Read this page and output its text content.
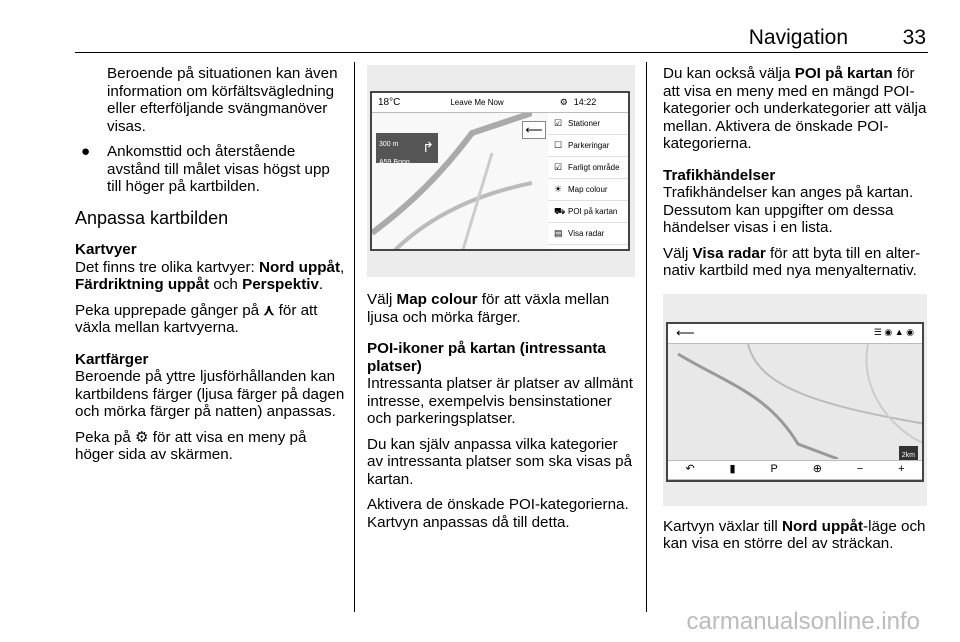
Navigation	33

Beroende på situationen kan även information om körfältsvägledning eller efterföljande svängmanöver visas.

● Ankomsttid och återstående avstånd till målet visas högst upp till höger på kartbilden.

Anpassa kartbilden
Kartvyer

Det finns tre olika kartvyer: Nord uppåt, Färdriktning uppåt och Perspektiv.

Peka upprepade gånger på ⋏ för att växla mellan kartvyerna.

Kartfärger

Beroende på yttre ljusförhållanden kan kartbildens färger (ljusa färger på dagen och mörka färger på natten) anpassas.

Peka på ⚙ för att visa en meny på höger sida av skärmen.

18°C	Leave Me Now	⚙ 14:22
300 m
A59 Bonn
↱
⟵
☑ Stationer
☐ Parkeringar
☑ Farligt område
☀ Map colour
⛟ POI på kartan
▤ Visa radar

Välj Map colour för att växla mellan ljusa och mörka färger.

POI-ikoner på kartan (intressanta platser)

Intressanta platser är platser av allmänt intresse, exempelvis bensinstationer och parkeringsplatser.

Du kan själv anpassa vilka kategorier av intressanta platser som ska visas på kartan.

Aktivera de önskade POI-kategorierna. Kartvyn anpassas då till detta.

Du kan också välja POI på kartan för att visa en meny med en mängd POI-kategorier och underkategorier att välja mellan. Aktivera de önskade POI-kategorierna.

Trafikhändelser

Trafikhändelser kan anges på kartan. Dessutom kan uppgifter om dessa händelser visas i en lista.

Välj Visa radar för att byta till en alternativ kartbild med nya menyalternativ.

⟵	☰ ◉ ▲ ◉
2km
↶	▮	P	⊕	−	+

Kartvyn växlar till Nord uppåt-läge och kan visa en större del av sträckan.

carmanualsonline.info
